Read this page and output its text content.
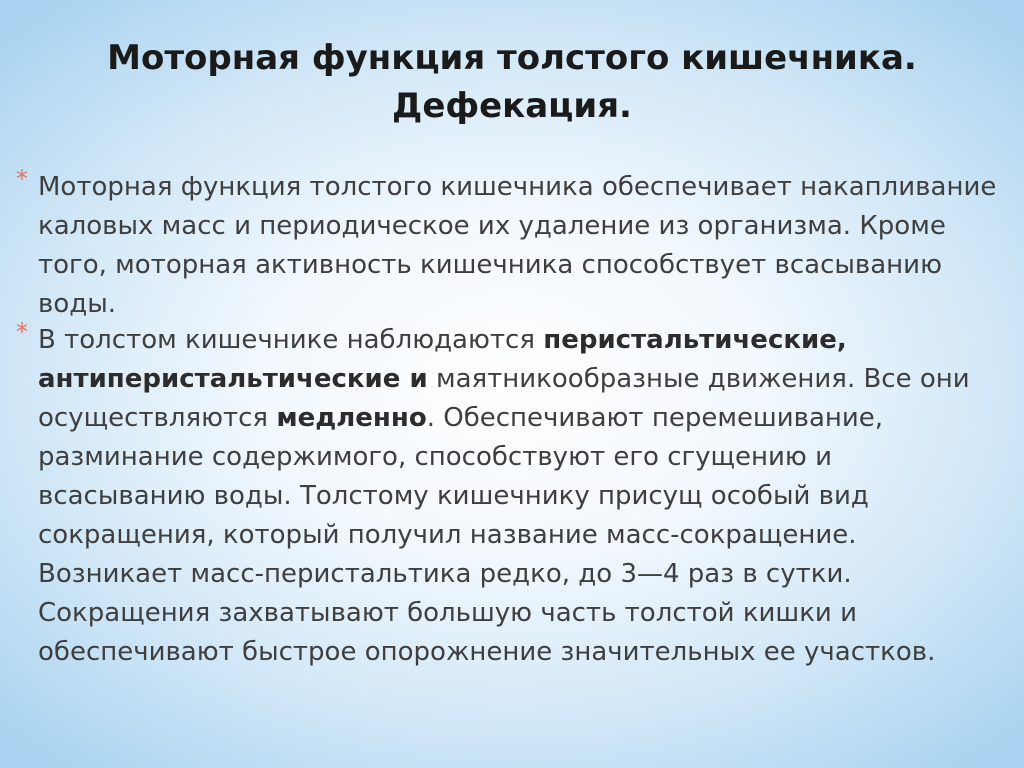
Моторная функция толстого кишечника.
Дефекация.
* Моторная функция толстого кишечника обеспечивает накапливание каловых масс и периодическое их удаление из организма. Кроме того, моторная активность кишечника способствует всасыванию воды.
* В толстом кишечнике наблюдаются перистальтические, антиперистальтические и маятникообразные движения. Все они осуществляются медленно. Обеспечивают перемешивание, разминание содержимого, способствуют его сгущению и всасыванию воды. Толстому кишечнику присущ особый вид сокращения, который получил название масс-сокращение. Возникает масс-перистальтика редко, до 3—4 раз в сутки. Сокращения захватывают большую часть толстой кишки и обеспечивают быстрое опорожнение значительных ее участков.
